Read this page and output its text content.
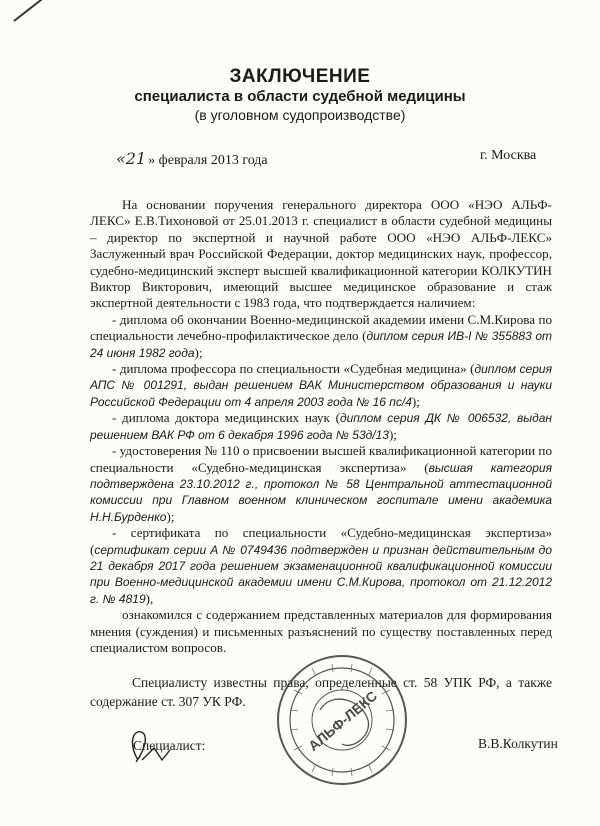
ЗАКЛЮЧЕНИЕ
специалиста в области судебной медицины
(в уголовном судопроизводстве)
«21 » февраля 2013 года	г. Москва

На основании поручения генерального директора ООО «НЭО АЛЬФ-ЛЕКС» Е.В.Тихоновой от 25.01.2013 г. специалист в области судебной медицины – директор по экспертной и научной работе ООО «НЭО АЛЬФ-ЛЕКС» Заслуженный врач Российской Федерации, доктор медицинских наук, профессор, судебно-медицинский эксперт высшей квалификационной категории КОЛКУТИН Виктор Викторович, имеющий высшее медицинское образование и стаж экспертной деятельности с 1983 года, что подтверждается наличием:

- диплома об окончании Военно-медицинской академии имени С.М.Кирова по специальности лечебно-профилактическое дело (диплом серия ИВ-I № 355883 от 24 июня 1982 года);

- диплома профессора по специальности «Судебная медицина» (диплом серия АПС № 001291, выдан решением ВАК Министерством образования и науки Российской Федерации от 4 апреля 2003 года № 16 пс/4);

- диплома доктора медицинских наук (диплом серия ДК № 006532, выдан решением ВАК РФ от 6 декабря 1996 года № 53д/13);

- удостоверения № 110 о присвоении высшей квалификационной категории по специальности «Судебно-медицинская экспертиза» (высшая категория подтверждена 23.10.2012 г., протокол № 58 Центральной аттестационной комиссии при Главном военном клиническом госпитале имени академика Н.Н.Бурденко);

- сертификата по специальности «Судебно-медицинская экспертиза» (сертификат серии А № 0749436 подтвержден и признан действительным до 21 декабря 2017 года решением экзаменационной квалификационной комиссии при Военно-медицинской академии имени С.М.Кирова, протокол от 21.12.2012 г. № 4819),

ознакомился с содержанием представленных материалов для формирования мнения (суждения) и письменных разъяснений по существу поставленных перед специалистом вопросов.

Специалисту известны права, определенные ст. 58 УПК РФ, а также содержание ст. 307 УК РФ.
Специалист:	В.В.Колкутин
АЛЬФ-ЛЕКС
